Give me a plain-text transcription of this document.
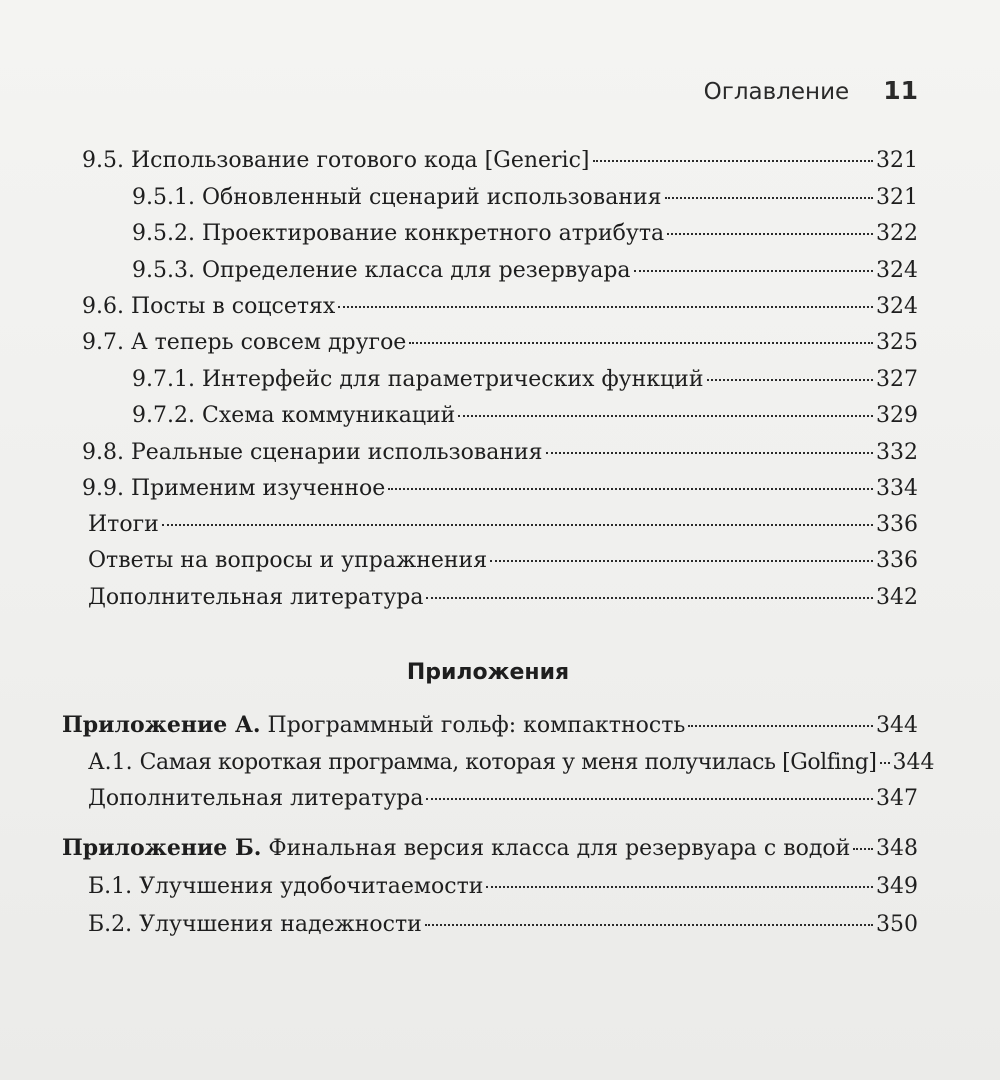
Оглавление 11
9.5. Использование готового кода [Generic]	321
9.5.1. Обновленный сценарий использования	321
9.5.2. Проектирование конкретного атрибута	322
9.5.3. Определение класса для резервуара	324
9.6. Посты в соцсетях	324
9.7. А теперь совсем другое	325
9.7.1. Интерфейс для параметрических функций	327
9.7.2. Схема коммуникаций	329
9.8. Реальные сценарии использования	332
9.9. Применим изученное	334
Итоги	336
Ответы на вопросы и упражнения	336
Дополнительная литература	342
Приложения
Приложение А. Программный гольф: компактность	344
А.1. Самая короткая программа, которая у меня получилась [Golfing] 344
Дополнительная литература	347
Приложение Б. Финальная версия класса для резервуара с водой 348
Б.1. Улучшения удобочитаемости	349
Б.2. Улучшения надежности	350
